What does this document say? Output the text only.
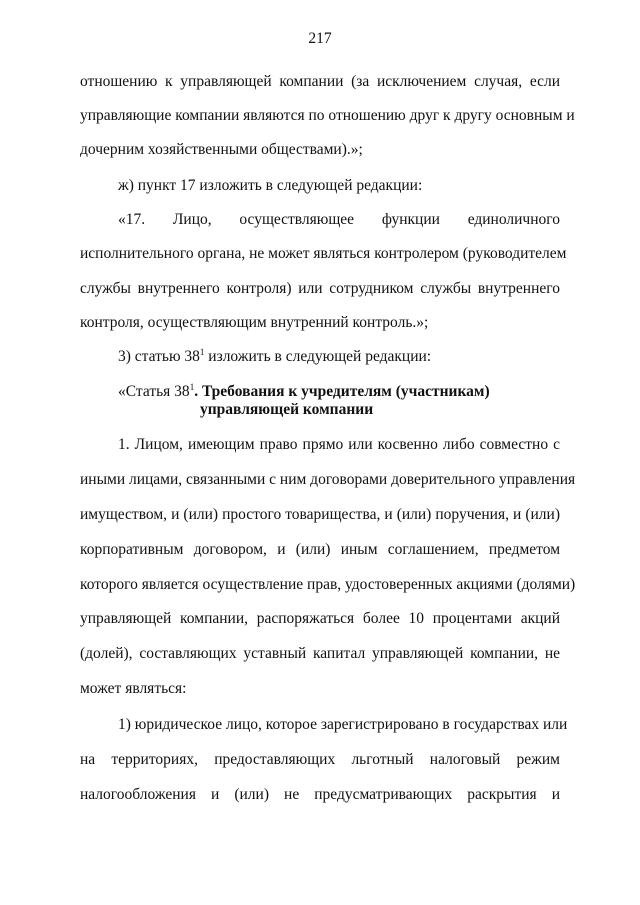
217
отношению к управляющей компании (за исключением случая, если
управляющие компании являются по отношению друг к другу основным и
дочерним хозяйственными обществами).»;
ж) пункт 17 изложить в следующей редакции:
«17. Лицо, осуществляющее функции единоличного
исполнительного органа, не может являться контролером (руководителем
службы внутреннего контроля) или сотрудником службы внутреннего
контроля, осуществляющим внутренний контроль.»;
3) статью $38^1$ изложить в следующей редакции:
«Статья $38^1$. Требования к учредителям (участникам)
управляющей компании
1. Лицом, имеющим право прямо или косвенно либо совместно с
иными лицами, связанными с ним договорами доверительного управления
имуществом, и (или) простого товарищества, и (или) поручения, и (или)
корпоративным договором, и (или) иным соглашением, предметом
которого является осуществление прав, удостоверенных акциями (долями)
управляющей компании, распоряжаться более 10 процентами акций
(долей), составляющих уставный капитал управляющей компании, не
может являться:
1) юридическое лицо, которое зарегистрировано в государствах или
на территориях, предоставляющих льготный налоговый режим
налогообложения и (или) не предусматривающих раскрытия и
